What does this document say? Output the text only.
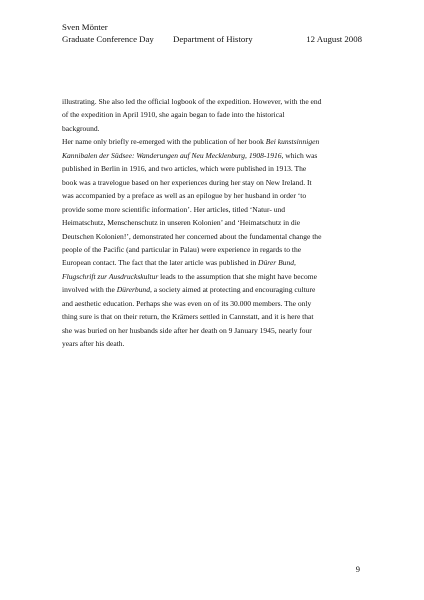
Sven Mönter
Graduate Conference Day Department of History	12 August 2008
illustrating. She also led the official logbook of the expedition. However, with the end
of the expedition in April 1910, she again began to fade into the historical
background.
Her name only briefly re-emerged with the publication of her book Bei kunstsinnigen
Kannibalen der Südsee: Wanderungen auf Neu Mecklenburg, 1908-1916, which was
published in Berlin in 1916, and two articles, which were published in 1913. The
book was a travelogue based on her experiences during her stay on New Ireland. It
was accompanied by a preface as well as an epilogue by her husband in order ‘to
provide some more scientific information’. Her articles, titled ‘Natur- und
Heimatschutz, Menschenschutz in unseren Kolonien’ and ‘Heimatschutz in die
Deutschen Kolonien!’, demonstrated her concerned about the fundamental change the
people of the Pacific (and particular in Palau) were experience in regards to the
European contact. The fact that the later article was published in Dürer Bund,
Flugschrift zur Ausdruckskultur leads to the assumption that she might have become
involved with the Dürerbund, a society aimed at protecting and encouraging culture
and aesthetic education. Perhaps she was even on of its 30.000 members. The only
thing sure is that on their return, the Krämers settled in Cannstatt, and it is here that
she was buried on her husbands side after her death on 9 January 1945, nearly four
years after his death.
9
